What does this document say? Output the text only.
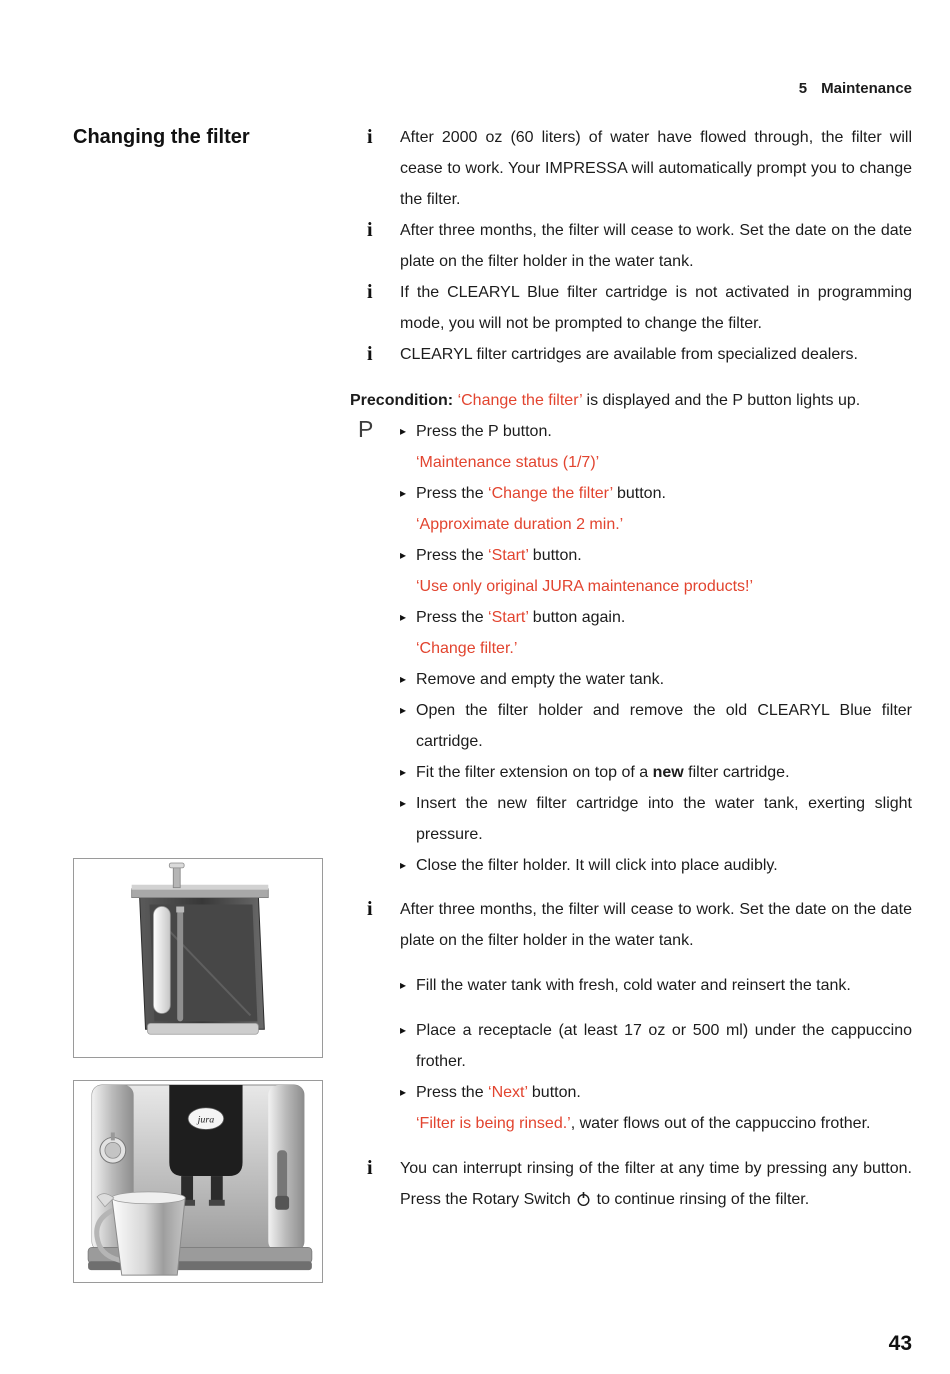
5 Maintenance
Changing the filter	i	After 2000 oz (60 liters) of water have flowed through, the filter will cease to work. Your IMPRESSA will automatically prompt you to change the filter.

i	After three months, the filter will cease to work. Set the date on the date plate on the filter holder in the water tank.

i	If the CLEARYL Blue filter cartridge is not activated in programming mode, you will not be prompted to change the filter.

i	CLEARYL filter cartridges are available from specialized dealers.

Precondition: ‘Change the filter’ is displayed and the P button lights up.

P ▸ Press the P button.
‘Maintenance status (1/7)’
▸ Press the ‘Change the filter’ button.
‘Approximate duration 2 min.’
▸ Press the ‘Start’ button.
‘Use only original JURA maintenance products!’
▸ Press the ‘Start’ button again.
‘Change filter.’
▸ Remove and empty the water tank.
▸ Open the filter holder and remove the old CLEARYL Blue filter cartridge.
▸ Fit the filter extension on top of a new filter cartridge.
▸ Insert the new filter cartridge into the water tank, exerting slight pressure.
▸ Close the filter holder. It will click into place audibly.
i	After three months, the filter will cease to work. Set the date on the date plate on the filter holder in the water tank.

▸ Fill the water tank with fresh, cold water and reinsert the tank.
▸ Place a receptacle (at least 17 oz or 500 ml) under the cappuccino frother.
▸ Press the ‘Next’ button.
‘Filter is being rinsed.’, water flows out of the cappuccino frother.
i	You can interrupt rinsing of the filter at any time by pressing any button. Press the Rotary Switch  to continue rinsing of the filter.

jura
43
